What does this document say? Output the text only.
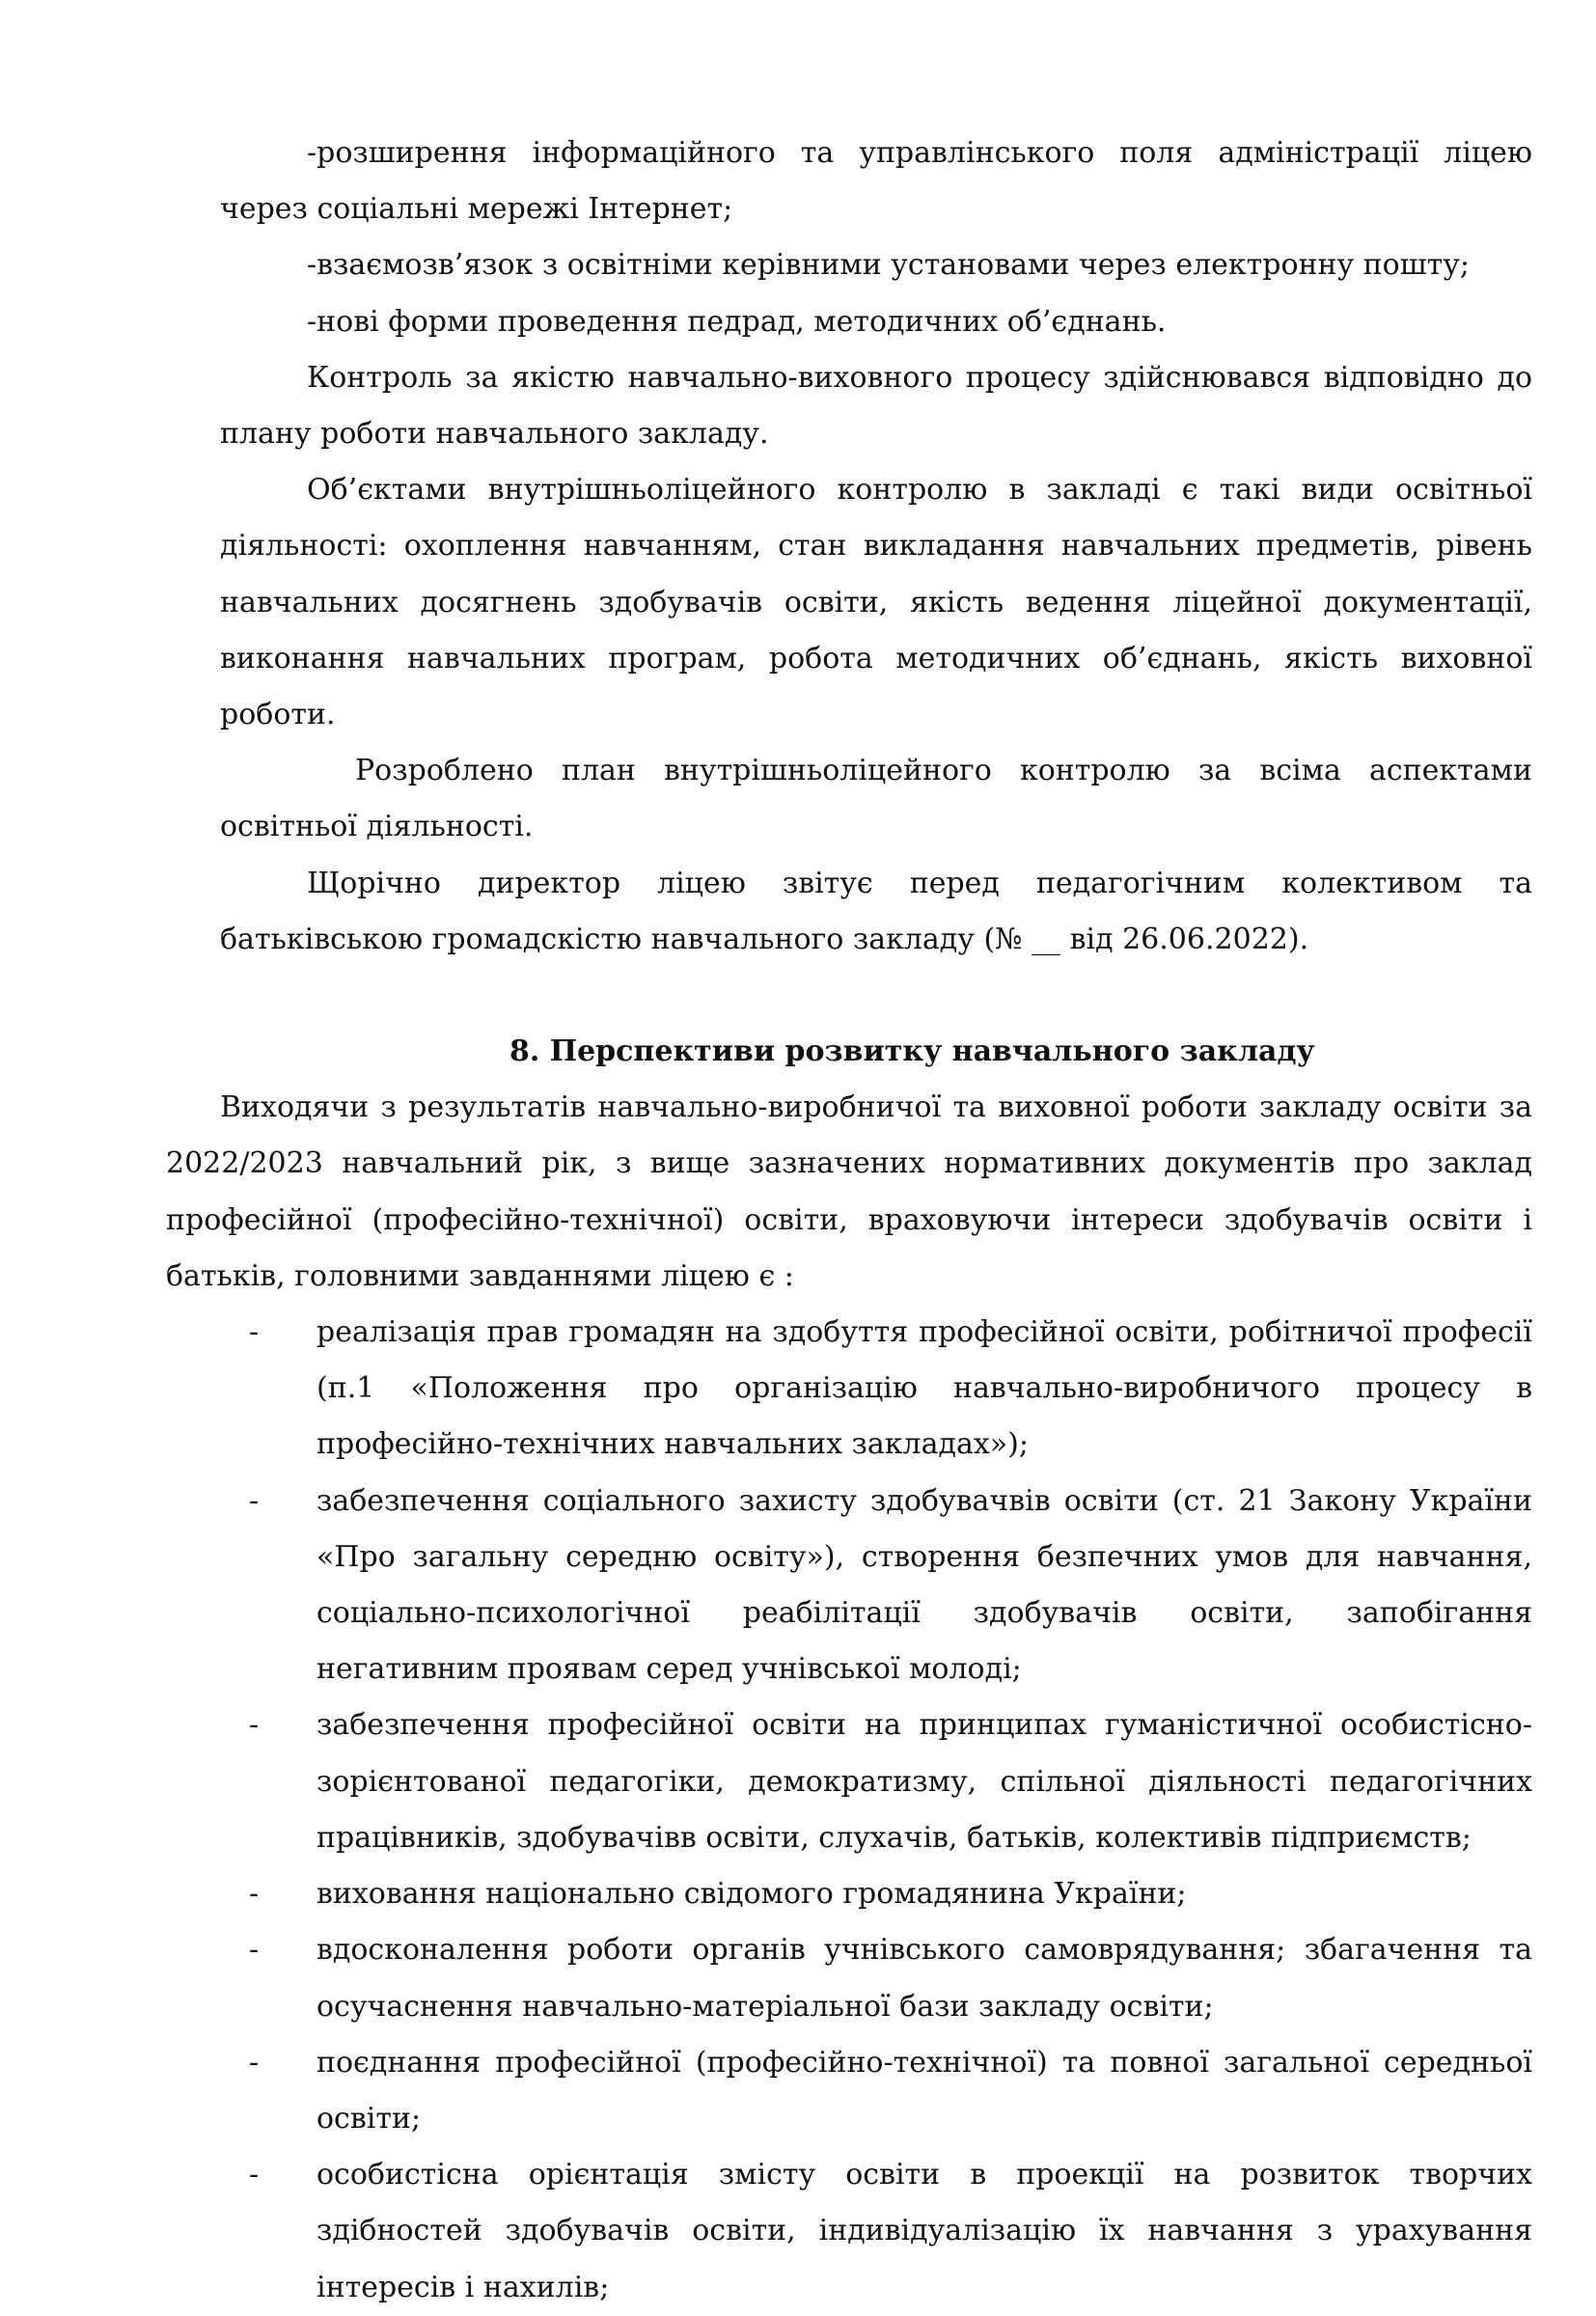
-розширення інформаційного та управлінського поля адміністрації ліцею через соціальні мережі Інтернет;

-взаємозв’язок з освітніми керівними установами через електронну пошту;

-нові форми проведення педрад, методичних об’єднань.

Контроль за якістю навчально-виховного процесу здійснювався відповідно до плану роботи навчального закладу.

Об’єктами внутрішньоліцейного контролю в закладі є такі види освітньої діяльності: охоплення навчанням, стан викладання навчальних предметів, рівень навчальних досягнень здобувачів освіти, якість ведення ліцейної документації, виконання навчальних програм, робота методичних об’єднань, якість виховної роботи.

Розроблено план внутрішньоліцейного контролю за всіма аспектами освітньої діяльності.

Щорічно директор ліцею звітує перед педагогічним колективом та батьківською громадскістю навчального закладу (№ __ від 26.06.2022).

8. Перспективи розвитку навчального закладу

Виходячи з результатів навчально-виробничої та виховної роботи закладу освіти за 2022/2023 навчальний рік, з вище зазначених нормативних документів про заклад професійної (професійно-технічної) освіти, враховуючи інтереси здобувачів освіти і батьків, головними завданнями ліцею є :

- реалізація прав громадян на здобуття професійної освіти, робітничої професії (п.1 «Положення про організацію навчально-виробничого процесу в професійно-технічних навчальних закладах»);
- забезпечення соціального захисту здобувачвів освіти (ст. 21 Закону України «Про загальну середню освіту»), створення безпечних умов для навчання, соціально-психологічної реабілітації здобувачів освіти, запобігання негативним проявам серед учнівської молоді;
- забезпечення професійної освіти на принципах гуманістичної особистісно-зорієнтованої педагогіки, демократизму, спільної діяльності педагогічних працівників, здобувачівв освіти, слухачів, батьків, колективів підприємств;
- виховання національно свідомого громадянина України;
- вдосконалення роботи органів учнівського самоврядування; збагачення та осучаснення навчально-матеріальної бази закладу освіти;
- поєднання професійної (професійно-технічної) та повної загальної середньої освіти;
- особистісна орієнтація змісту освіти в проекції на розвиток творчих здібностей здобувачів освіти, індивідуалізацію їх навчання з урахування інтересів і нахилів;
